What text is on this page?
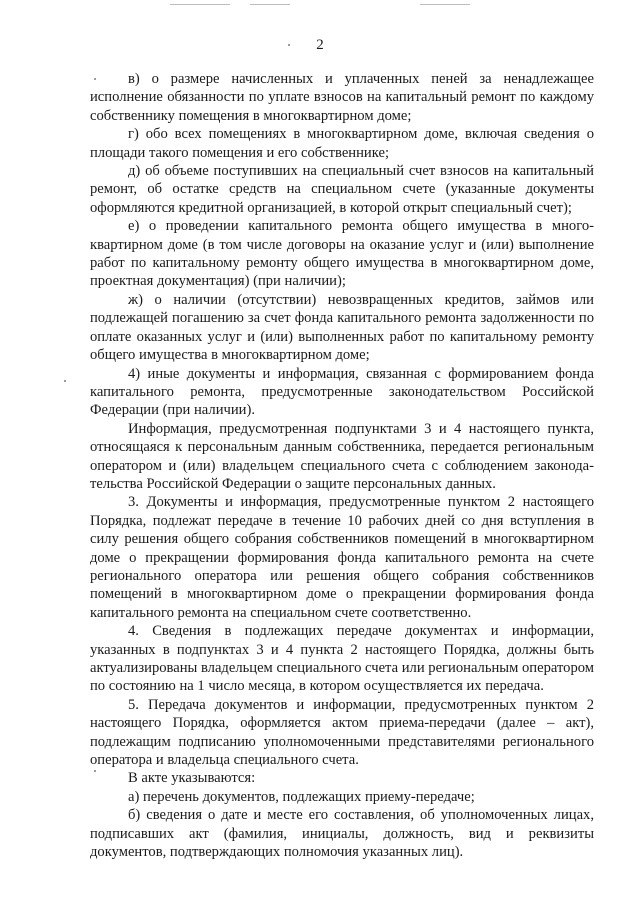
2

в) о размере начисленных и уплаченных пеней за ненадлежащее исполнение обязанности по уплате взносов на капитальный ремонт по каждому собственнику помещения в многоквартирном доме;

г) обо всех помещениях в многоквартирном доме, включая сведения о площади такого помещения и его собственнике;

д) об объеме поступивших на специальный счет взносов на капитальный ремонт, об остатке средств на специальном счете (указанные документы оформляются кредитной организацией, в которой открыт специальный счет);

е) о проведении капитального ремонта общего имущества в многоквартирном доме (в том числе договоры на оказание услуг и (или) выполнение работ по капитальному ремонту общего имущества в многоквартирном доме, проектная документация) (при наличии);

ж) о наличии (отсутствии) невозвращенных кредитов, займов или подлежащей погашению за счет фонда капитального ремонта задолженности по оплате оказанных услуг и (или) выполненных работ по капитальному ремонту общего имущества в многоквартирном доме;

4) иные документы и информация, связанная с формированием фонда капитального ремонта, предусмотренные законодательством Российской Федерации (при наличии).

Информация, предусмотренная подпунктами 3 и 4 настоящего пункта, относящаяся к персональным данным собственника, передается региональным оператором и (или) владельцем специального счета с соблюдением законодательства Российской Федерации о защите персональных данных.

3. Документы и информация, предусмотренные пунктом 2 настоящего Порядка, подлежат передаче в течение 10 рабочих дней со дня вступления в силу решения общего собрания собственников помещений в многоквартирном доме о прекращении формирования фонда капитального ремонта на счете регионального оператора или решения общего собрания собственников помещений в многоквартирном доме о прекращении формирования фонда капитального ремонта на специальном счете соответственно.

4. Сведения в подлежащих передаче документах и информации, указанных в подпунктах 3 и 4 пункта 2 настоящего Порядка, должны быть актуализированы владельцем специального счета или региональным оператором по состоянию на 1 число месяца, в котором осуществляется их передача.

5. Передача документов и информации, предусмотренных пунктом 2 настоящего Порядка, оформляется актом приема-передачи (далее – акт), подлежащим подписанию уполномоченными представителями регионального оператора и владельца специального счета.

В акте указываются:

а) перечень документов, подлежащих приему-передаче;

б) сведения о дате и месте его составления, об уполномоченных лицах, подписавших акт (фамилия, инициалы, должность, вид и реквизиты документов, подтверждающих полномочия указанных лиц).
